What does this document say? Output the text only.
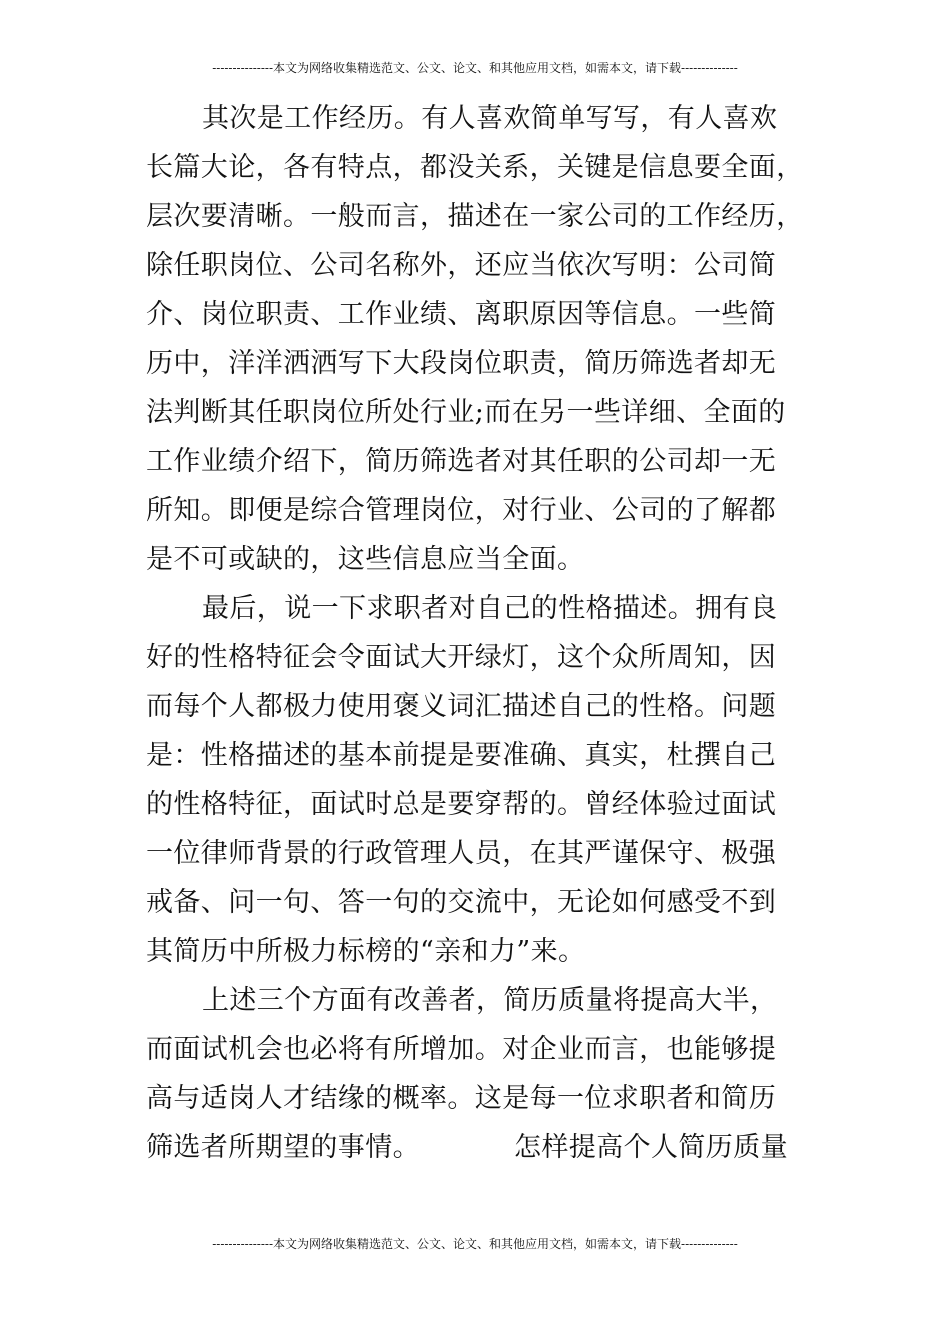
---------------本文为网络收集精选范文、公文、论文、和其他应用文档，如需本文，请下载--------------

其次是工作经历。有人喜欢简单写写，有人喜欢
长篇大论，各有特点，都没关系，关键是信息要全面，
层次要清晰。一般而言，描述在一家公司的工作经历，
除任职岗位、公司名称外，还应当依次写明：公司简
介、岗位职责、工作业绩、离职原因等信息。一些简
历中，洋洋洒洒写下大段岗位职责，简历筛选者却无
法判断其任职岗位所处行业;而在另一些详细、全面的
工作业绩介绍下，简历筛选者对其任职的公司却一无
所知。即便是综合管理岗位，对行业、公司的了解都
是不可或缺的，这些信息应当全面。

最后，说一下求职者对自己的性格描述。拥有良
好的性格特征会令面试大开绿灯，这个众所周知，因
而每个人都极力使用褒义词汇描述自己的性格。问题
是：性格描述的基本前提是要准确、真实，杜撰自己
的性格特征，面试时总是要穿帮的。曾经体验过面试
一位律师背景的行政管理人员，在其严谨保守、极强
戒备、问一句、答一句的交流中，无论如何感受不到
其简历中所极力标榜的“亲和力”来。

上述三个方面有改善者，简历质量将提高大半，
而面试机会也必将有所增加。对企业而言，也能够提
高与适岗人才结缘的概率。这是每一位求职者和简历
筛选者所期望的事情。	怎样提高个人简历质量

---------------本文为网络收集精选范文、公文、论文、和其他应用文档，如需本文，请下载--------------
